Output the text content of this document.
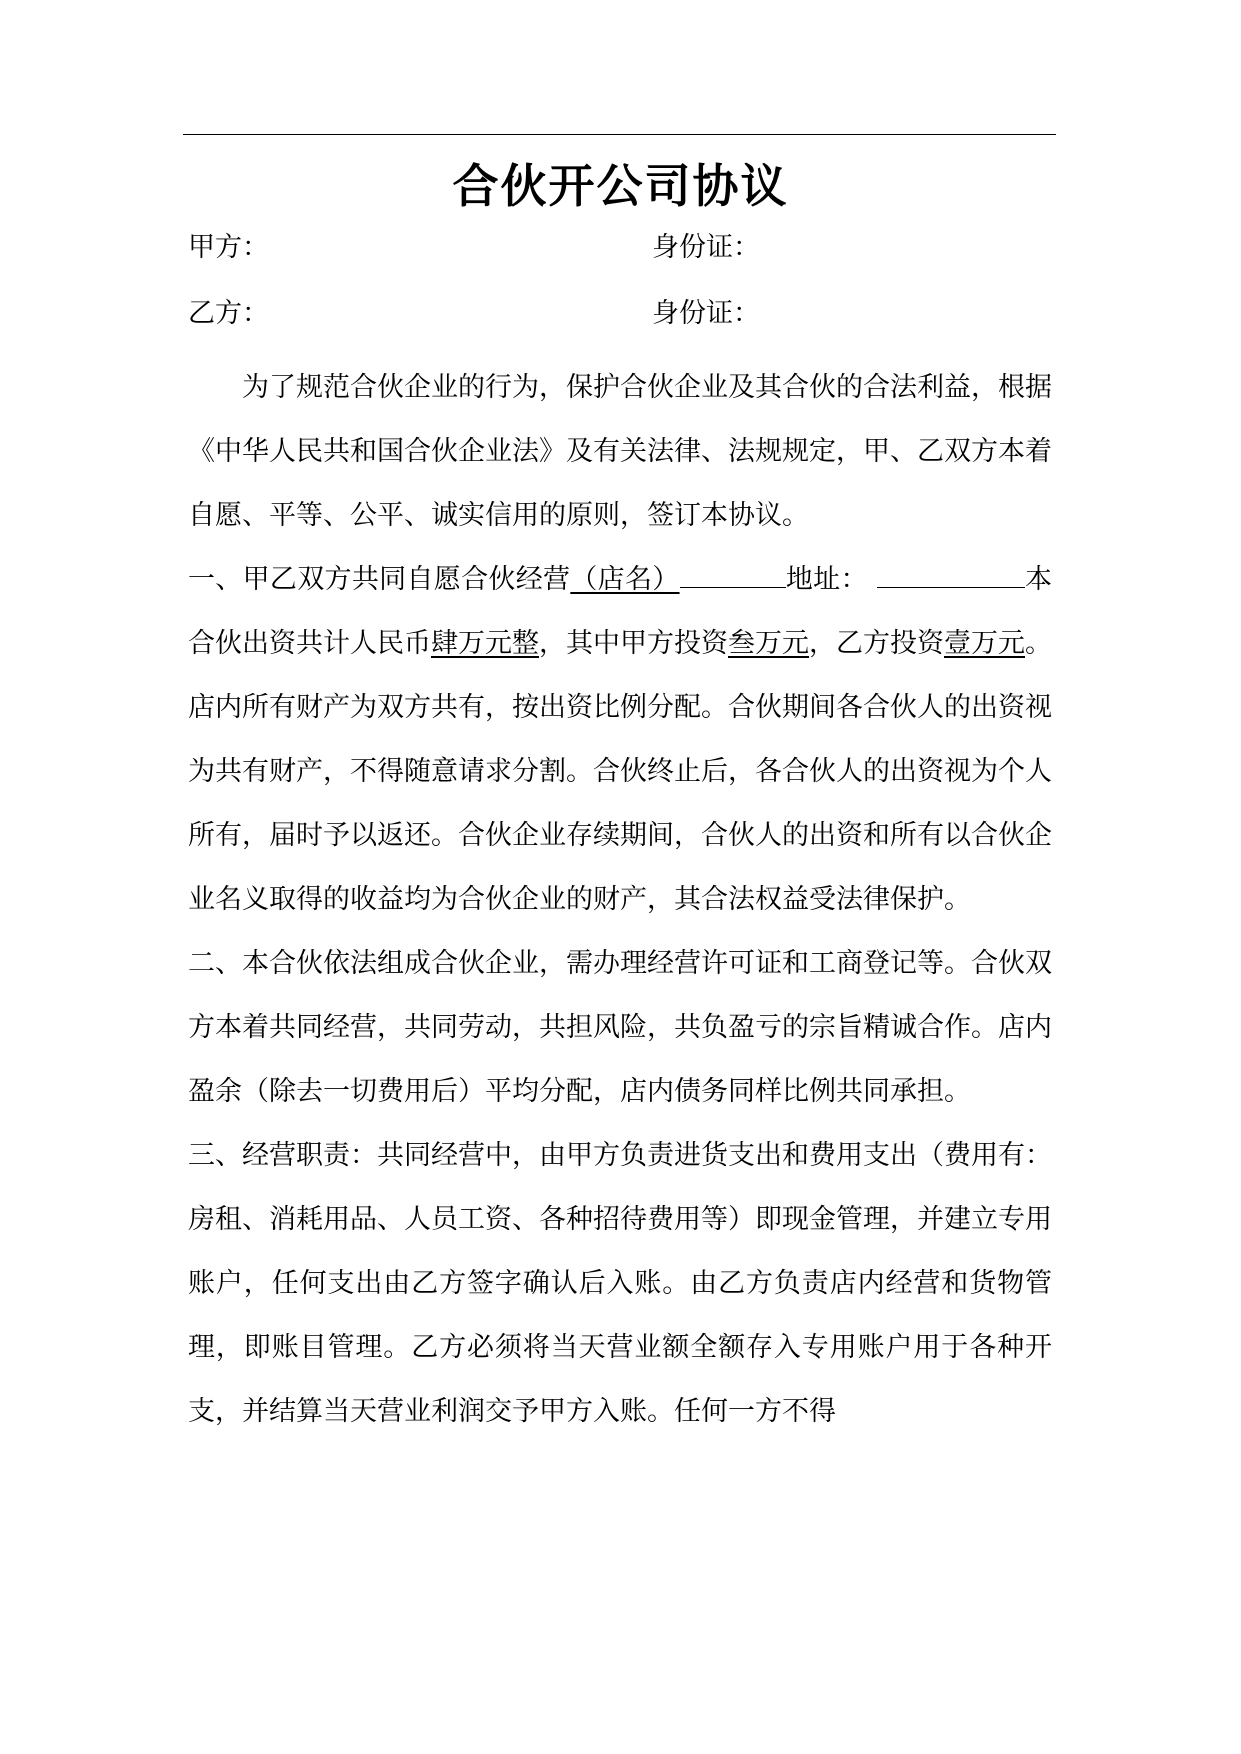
合伙开公司协议
甲方：	身份证：
乙方：	身份证：

为了规范合伙企业的行为，保护合伙企业及其合伙的合法利益，根据《中华人民共和国合伙企业法》及有关法律、法规规定，甲、乙双方本着自愿、平等、公平、诚实信用的原则，签订本协议。

一、甲乙双方共同自愿合伙经营（店名）	地址：	本合伙出资共计人民币肆万元整，其中甲方投资叁万元，乙方投资壹万元。店内所有财产为双方共有，按出资比例分配。合伙期间各合伙人的出资视为共有财产，不得随意请求分割。合伙终止后，各合伙人的出资视为个人所有，届时予以返还。合伙企业存续期间，合伙人的出资和所有以合伙企业名义取得的收益均为合伙企业的财产，其合法权益受法律保护。

二、本合伙依法组成合伙企业，需办理经营许可证和工商登记等。合伙双方本着共同经营，共同劳动，共担风险，共负盈亏的宗旨精诚合作。店内盈余（除去一切费用后）平均分配，店内债务同样比例共同承担。

三、经营职责：共同经营中，由甲方负责进货支出和费用支出（费用有：房租、消耗用品、人员工资、各种招待费用等）即现金管理，并建立专用账户，任何支出由乙方签字确认后入账。由乙方负责店内经营和货物管理，即账目管理。乙方必须将当天营业额全额存入专用账户用于各种开支，并结算当天营业利润交予甲方入账。任何一方不得
